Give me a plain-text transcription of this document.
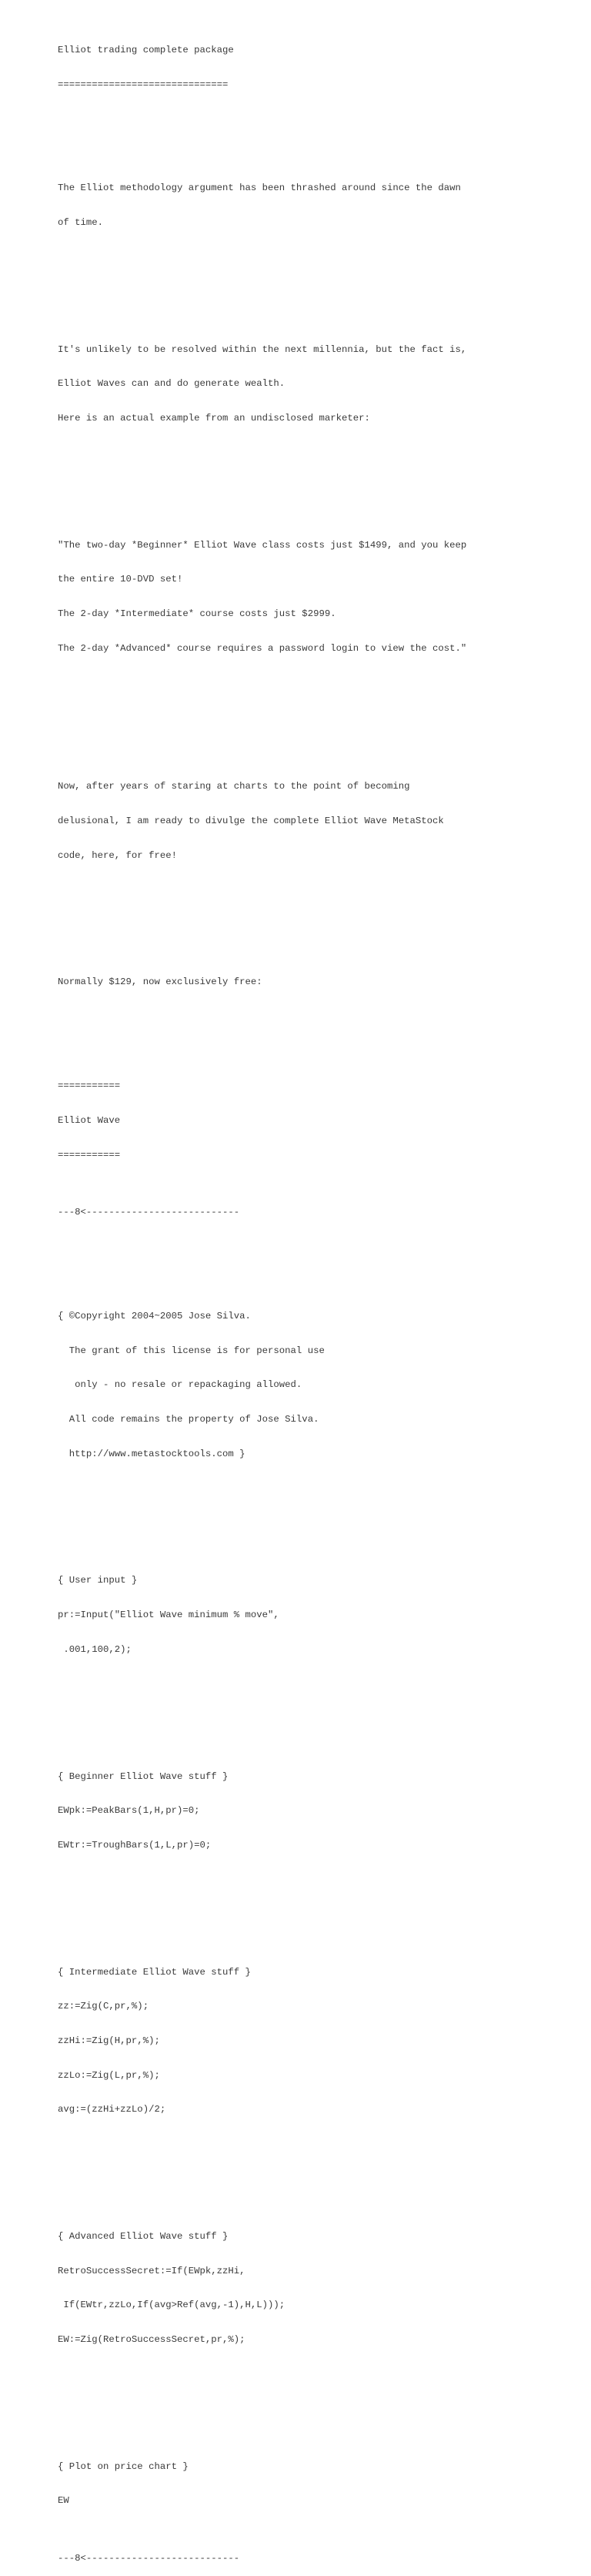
Elliot trading complete package

==============================

The Elliot methodology argument has been thrashed around since the dawn

of time.

It's unlikely to be resolved within the next millennia, but the fact is,

Elliot Waves can and do generate wealth.

Here is an actual example from an undisclosed marketer:

"The two-day *Beginner* Elliot Wave class costs just $1499, and you keep

the entire 10-DVD set!

The 2-day *Intermediate* course costs just $2999.

The 2-day *Advanced* course requires a password login to view the cost."

Now, after years of staring at charts to the point of becoming

delusional, I am ready to divulge the complete Elliot Wave MetaStock

code, here, for free!

Normally $129, now exclusively free:

===========

Elliot Wave

===========

---8<---------------------------

{ ©Copyright 2004~2005 Jose Silva.

The grant of this license is for personal use

only - no resale or repackaging allowed.

All code remains the property of Jose Silva.

http://www.metastocktools.com }

{ User input }

pr:=Input("Elliot Wave minimum % move",

.001,100,2);

{ Beginner Elliot Wave stuff }

EWpk:=PeakBars(1,H,pr)=0;

EWtr:=TroughBars(1,L,pr)=0;

{ Intermediate Elliot Wave stuff }

zz:=Zig(C,pr,%);

zzHi:=Zig(H,pr,%);

zzLo:=Zig(L,pr,%);

avg:=(zzHi+zzLo)/2;

{ Advanced Elliot Wave stuff }

RetroSuccessSecret:=If(EWpk,zzHi,

If(EWtr,zzLo,If(avg>Ref(avg,-1),H,L)));

EW:=Zig(RetroSuccessSecret,pr,%);

{ Plot on price chart }

EW

---8<---------------------------
